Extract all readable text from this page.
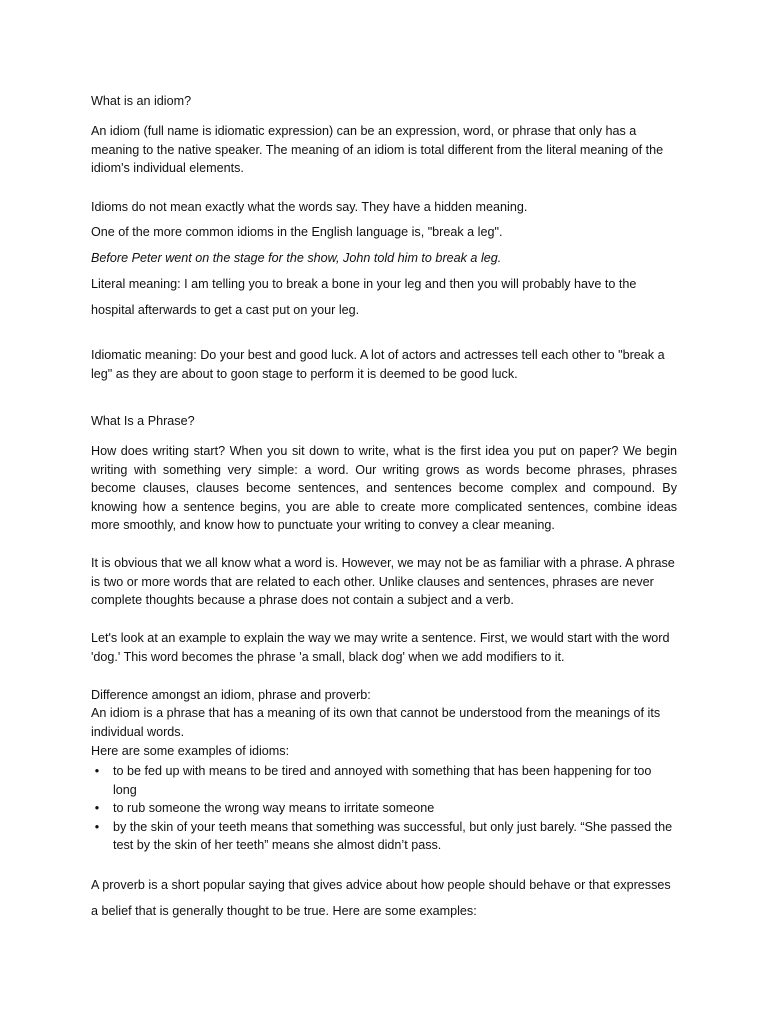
What is an idiom?

An idiom (full name is idiomatic expression) can be an expression, word, or phrase that only has a meaning to the native speaker. The meaning of an idiom is total different from the literal meaning of the idiom's individual elements.

Idioms do not mean exactly what the words say. They have a hidden meaning.

One of the more common idioms in the English language is, "break a leg".

Before Peter went on the stage for the show, John told him to break a leg.

Literal meaning: I am telling you to break a bone in your leg and then you will probably have to the hospital afterwards to get a cast put on your leg.

Idiomatic meaning: Do your best and good luck. A lot of actors and actresses tell each other to "break a leg" as they are about to goon stage to perform it is deemed to be good luck.

What Is a Phrase?

How does writing start? When you sit down to write, what is the first idea you put on paper? We begin writing with something very simple: a word. Our writing grows as words become phrases, phrases become clauses, clauses become sentences, and sentences become complex and compound. By knowing how a sentence begins, you are able to create more complicated sentences, combine ideas more smoothly, and know how to punctuate your writing to convey a clear meaning.

It is obvious that we all know what a word is. However, we may not be as familiar with a phrase. A phrase is two or more words that are related to each other. Unlike clauses and sentences, phrases are never complete thoughts because a phrase does not contain a subject and a verb.

Let's look at an example to explain the way we may write a sentence. First, we would start with the word 'dog.' This word becomes the phrase 'a small, black dog' when we add modifiers to it.

Difference amongst an idiom, phrase and proverb:

An idiom is a phrase that has a meaning of its own that cannot be understood from the meanings of its individual words.

Here are some examples of idioms:

•	to be fed up with means to be tired and annoyed with something that has been happening for too long
•	to rub someone the wrong way means to irritate someone
•	by the skin of your teeth means that something was successful, but only just barely. “She passed the test by the skin of her teeth” means she almost didn’t pass.

A proverb is a short popular saying that gives advice about how people should behave or that expresses a belief that is generally thought to be true. Here are some examples:
